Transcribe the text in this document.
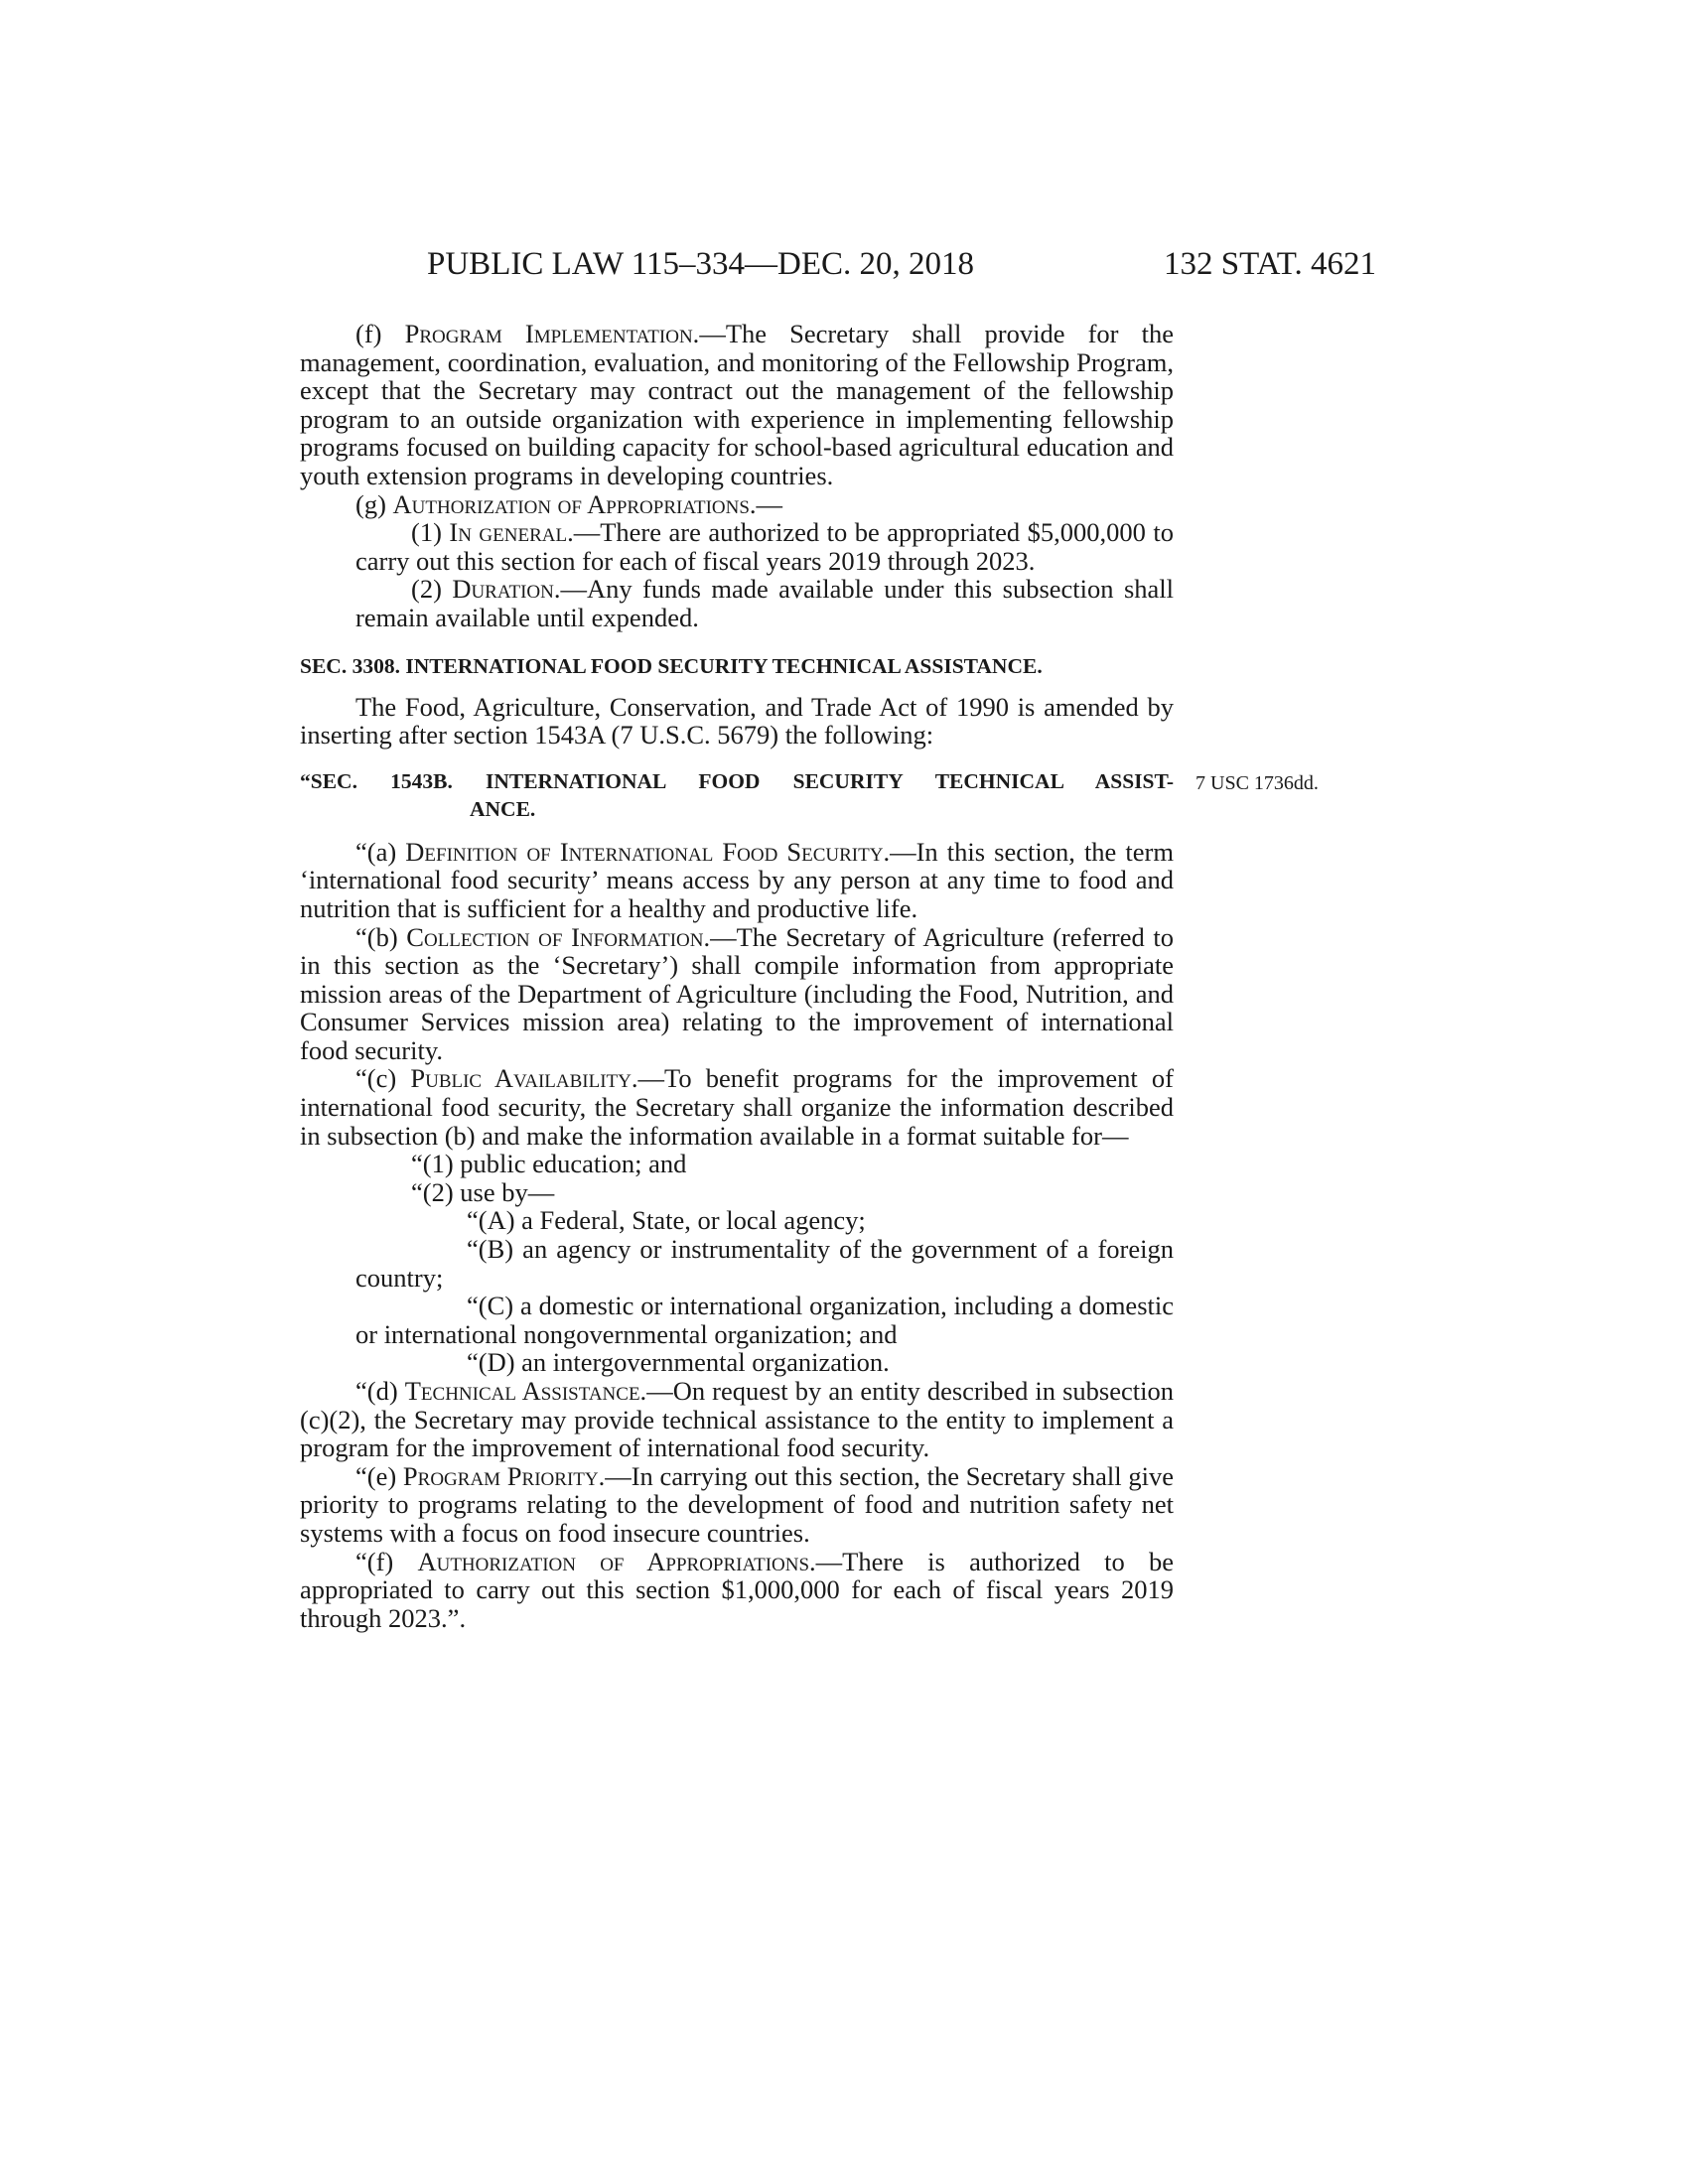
PUBLIC LAW 115–334—DEC. 20, 2018	132 STAT. 4621

(f) Program Implementation.—The Secretary shall provide for the management, coordination, evaluation, and monitoring of the Fellowship Program, except that the Secretary may contract out the management of the fellowship program to an outside organization with experience in implementing fellowship programs focused on building capacity for school-based agricultural education and youth extension programs in developing countries.

(g) Authorization of Appropriations.—

(1) In general.—There are authorized to be appropriated $5,000,000 to carry out this section for each of fiscal years 2019 through 2023.

(2) Duration.—Any funds made available under this subsection shall remain available until expended.

SEC. 3308. INTERNATIONAL FOOD SECURITY TECHNICAL ASSISTANCE.

The Food, Agriculture, Conservation, and Trade Act of 1990 is amended by inserting after section 1543A (7 U.S.C. 5679) the following:

“SEC. 1543B. INTERNATIONAL FOOD SECURITY TECHNICAL ASSIST-
ANCE.
7 USC 1736dd.

“(a) Definition of International Food Security.—In this section, the term ‘international food security’ means access by any person at any time to food and nutrition that is sufficient for a healthy and productive life.

“(b) Collection of Information.—The Secretary of Agriculture (referred to in this section as the ‘Secretary’) shall compile information from appropriate mission areas of the Department of Agriculture (including the Food, Nutrition, and Consumer Services mission area) relating to the improvement of international food security.

“(c) Public Availability.—To benefit programs for the improvement of international food security, the Secretary shall organize the information described in subsection (b) and make the information available in a format suitable for—

“(1) public education; and

“(2) use by—

“(A) a Federal, State, or local agency;

“(B) an agency or instrumentality of the government of a foreign country;

“(C) a domestic or international organization, including a domestic or international nongovernmental organization; and

“(D) an intergovernmental organization.

“(d) Technical Assistance.—On request by an entity described in subsection (c)(2), the Secretary may provide technical assistance to the entity to implement a program for the improvement of international food security.

“(e) Program Priority.—In carrying out this section, the Secretary shall give priority to programs relating to the development of food and nutrition safety net systems with a focus on food insecure countries.

“(f) Authorization of Appropriations.—There is authorized to be appropriated to carry out this section $1,000,000 for each of fiscal years 2019 through 2023.”.
